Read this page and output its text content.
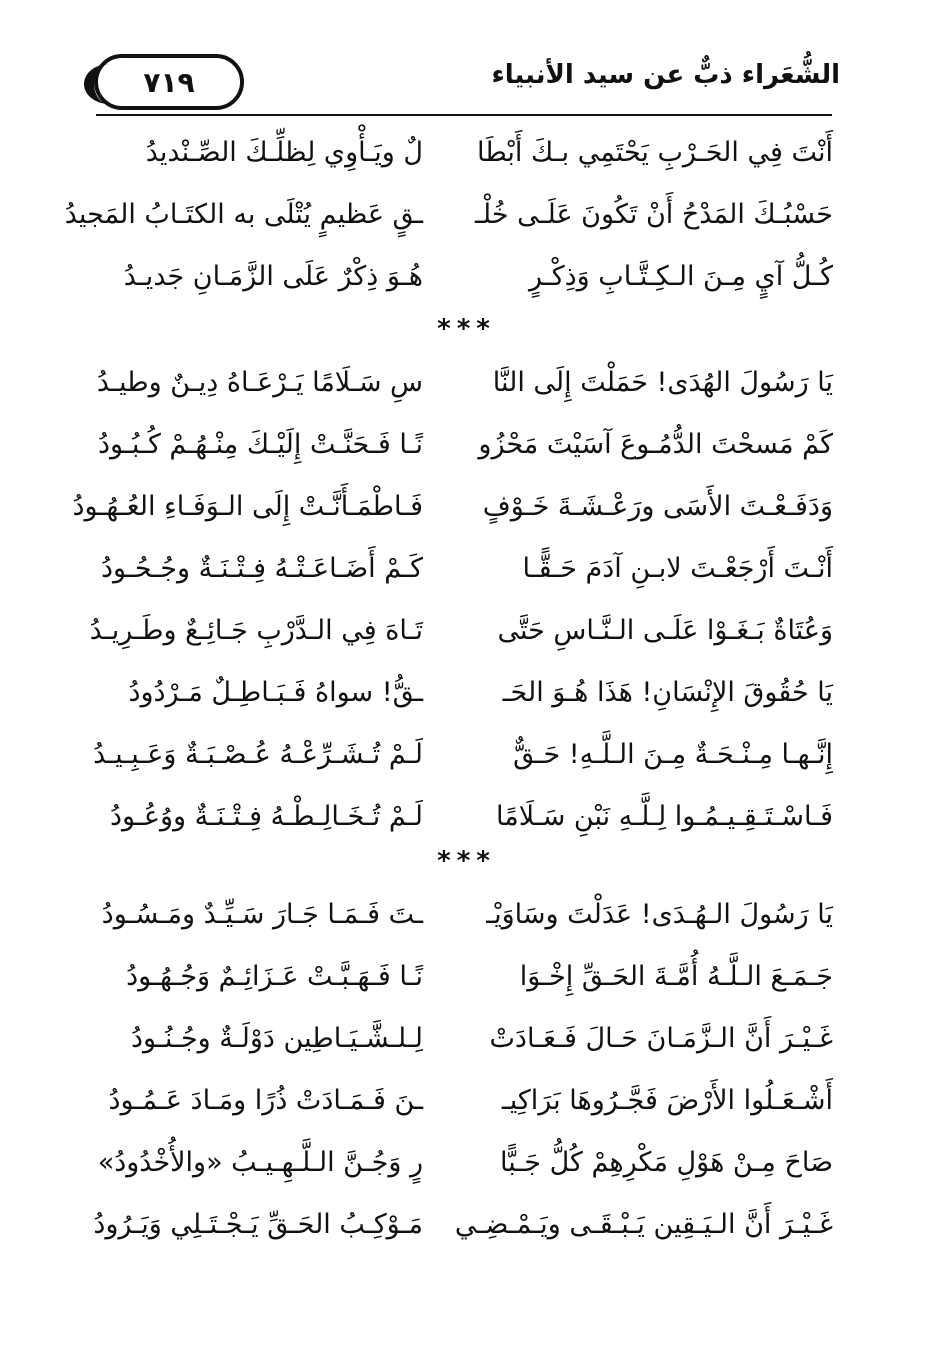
٧١٩	الشُّعَراء ذبٌّ عن سيد الأنبياء
أَنْتَ فِي الحَـرْبِ يَحْتَمِي بـكَ أَبْطَا
لٌ ويَـأْوِي لِظلِّـكَ الصِّـنْديدُ
حَسْبُـكَ المَدْحُ أَنْ تَكُونَ عَلَـى خُلْـ
ـقٍ عَظيمٍ يُتْلَى به الكتَـابُ المَجيدُ
كُـلُّ آيٍ مِـنَ الـكِـتَّـابِ وَذِكْـرٍ
هُـوَ ذِكْرٌ عَلَى الزَّمَـانِ جَديـدُ
***
يَا رَسُولَ الهُدَى! حَمَلْتَ إِلَى النَّا
سِ سَـلَامًا يَـرْعَـاهُ دِيـنٌ وطيـدُ
كَمْ مَسحْتَ الدُّمُـوعَ آسَيْتَ مَحْزُو
نًـا فَـحَنَّـتْ إِلَيْـكَ مِنْـهُـمْ كُـبُـودُ
وَدَفَـعْـتَ الأَسَى ورَعْـشَـةَ خَـوْفٍ
فَـاطْمَـأَنَّـتْ إِلَى الـوَفَـاءِ العُـهُـودُ
أَنْـتَ أَرْجَعْـتَ لابـنِ آدَمَ حَـقًّـا
كَـمْ أَضَـاعَـتْـهُ فِـتْـنَـةٌ وجُـحُـودُ
وَعُتَاةٌ بَـغَـوْا عَلَـى الـنَّـاسِ حَتَّى
تَـاهَ فِي الـدَّرْبِ جَـائِـعٌ وطَـرِيـدُ
يَا حُقُوقَ الإِنْسَانِ! هَذَا هُـوَ الحَـ
ـقُّ! سواهُ فَـبَـاطِـلٌ مَـرْدُودُ
إِنَّـهـا مِـنْـحَـةٌ مِـنَ الـلَّـهِ! حَـقٌّ
لَـمْ تُـشَـرِّعْـهُ عُـصْـبَـةٌ وَعَـبِـيـدُ
فَـاسْـتَـقِـيـمُـوا لِـلَّـهِ نَبْنِ سَـلَامًا
لَـمْ تُـخَـالِـطْـهُ فِـتْـنَـةٌ ووُعُـودُ
***
يَا رَسُولَ الـهُـدَى! عَدَلْتَ وسَاوَيْـ
ـتَ فَـمَـا جَـارَ سَـيِّـدٌ ومَـسُـودُ
جَـمَـعَ الـلَّـهُ أُمَّـةَ الحَـقِّ إِخْـوَا
نًـا فَـهَـبَّـتْ عَـزَائِـمٌ وَجُـهُـودُ
غَـيْـرَ أَنَّ الـزَّمَـانَ حَـالَ فَـعَـادَتْ
لِـلـشَّـيَـاطِين دَوْلَـةٌ وجُـنُـودُ
أَشْـعَـلُوا الأَرْضَ فَجَّـرُوهَا بَرَاكِيـ
ـنَ فَـمَـادَتْ ذُرًا ومَـادَ عَـمُـودُ
صَاحَ مِـنْ هَوْلِ مَكْرِهِمْ كُلُّ جَـبًّا
رٍ وَجُـنَّ الـلَّـهِـيـبُ «والأُخْدُودُ»
غَـيْـرَ أَنَّ الـيَـقِين يَـبْـقَـى ويَـمْـضِـي
مَـوْكِـبُ الحَـقِّ يَـجْـتَـلِي وَيَـرُودُ
